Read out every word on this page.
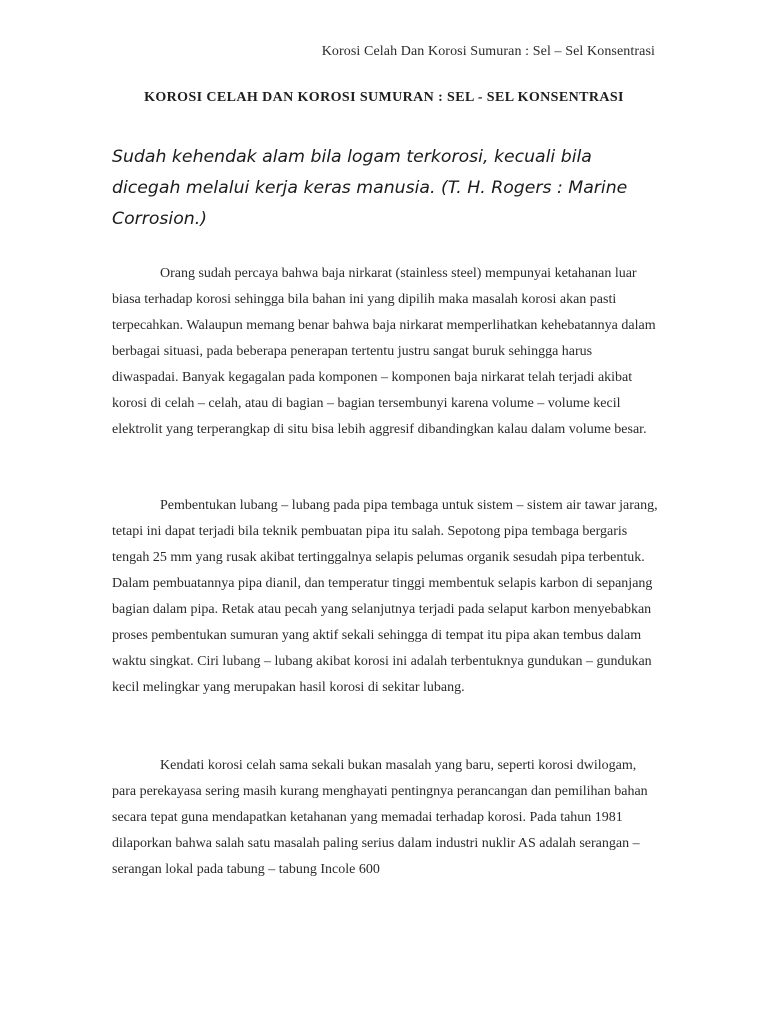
Korosi Celah Dan Korosi Sumuran : Sel – Sel Konsentrasi
KOROSI CELAH DAN KOROSI SUMURAN : SEL - SEL KONSENTRASI
Sudah kehendak alam bila logam terkorosi, kecuali bila dicegah melalui kerja keras manusia. (T. H. Rogers : Marine Corrosion.)
Orang sudah percaya bahwa baja nirkarat (stainless steel) mempunyai ketahanan luar biasa terhadap korosi sehingga bila bahan ini yang dipilih maka masalah korosi akan pasti terpecahkan. Walaupun memang benar bahwa baja nirkarat memperlihatkan kehebatannya dalam berbagai situasi, pada beberapa penerapan tertentu justru sangat buruk sehingga harus diwaspadai. Banyak kegagalan pada komponen – komponen baja nirkarat telah terjadi akibat korosi di celah – celah, atau di bagian – bagian tersembunyi karena volume – volume kecil elektrolit yang terperangkap di situ bisa lebih aggresif dibandingkan kalau dalam volume besar.
Pembentukan lubang – lubang pada pipa tembaga untuk sistem – sistem air tawar jarang, tetapi ini dapat terjadi bila teknik pembuatan pipa itu salah. Sepotong pipa tembaga bergaris tengah 25 mm yang rusak akibat tertinggalnya selapis pelumas organik sesudah pipa terbentuk. Dalam pembuatannya pipa dianil, dan temperatur tinggi membentuk selapis karbon di sepanjang bagian dalam pipa. Retak atau pecah yang selanjutnya terjadi pada selaput karbon menyebabkan proses pembentukan sumuran yang aktif sekali sehingga di tempat itu pipa akan tembus dalam waktu singkat. Ciri lubang – lubang akibat korosi ini adalah terbentuknya gundukan – gundukan kecil melingkar yang merupakan hasil korosi di sekitar lubang.
Kendati korosi celah sama sekali bukan masalah yang baru, seperti korosi dwilogam, para perekayasa sering masih kurang menghayati pentingnya perancangan dan pemilihan bahan secara tepat guna mendapatkan ketahanan yang memadai terhadap korosi. Pada tahun 1981 dilaporkan bahwa salah satu masalah paling serius dalam industri nuklir AS adalah serangan – serangan lokal pada tabung – tabung Incole 600
